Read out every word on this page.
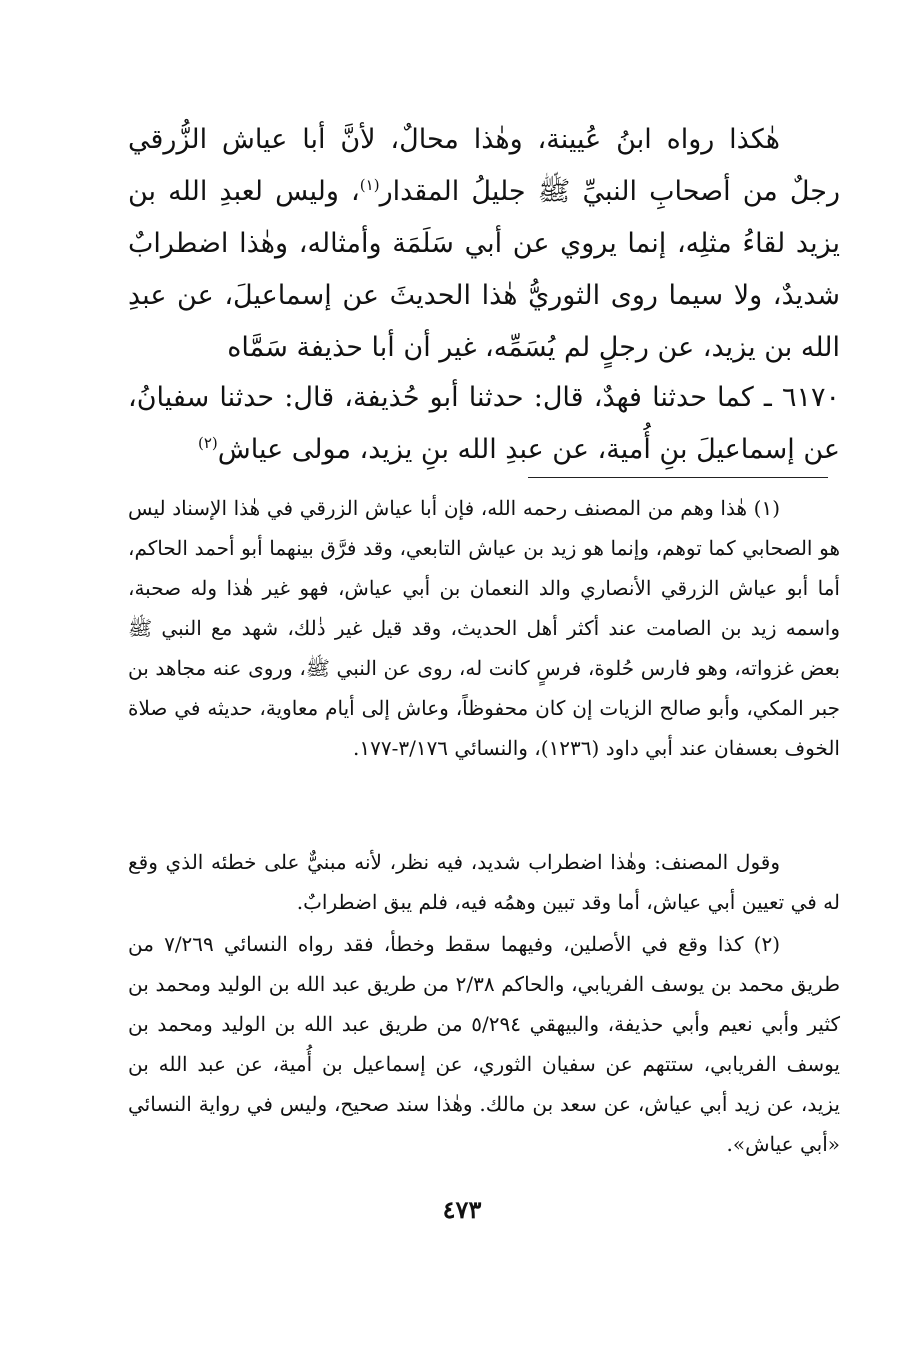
هٰكذا رواه ابنُ عُيينة، وهٰذا محالٌ، لأنَّ أبا عياش الزُّرقي رجلٌ من أصحابِ النبيِّ ﷺ جليلُ المقدار$^{(١)}$، وليس لعبدِ الله بن يزيد لقاءُ مثلِه، إنما يروي عن أبي سَلَمَة وأمثاله، وهٰذا اضطرابٌ شديدٌ، ولا سيما روى الثوريُّ هٰذا الحديثَ عن إسماعيلَ، عن عبدِ الله بن يزيد، عن رجلٍ لم يُسَمِّه، غير أن أبا حذيفة سَمَّاه

٦١٧٠ ـ كما حدثنا فهدٌ، قال: حدثنا أبو حُذيفة، قال: حدثنا سفيانُ، عن إسماعيلَ بنِ أُمية، عن عبدِ الله بنِ يزيد، مولى عياش$^{(٢)}$

(١) هٰذا وهم من المصنف رحمه الله، فإن أبا عياش الزرقي في هٰذا الإسناد ليس هو الصحابي كما توهم، وإنما هو زيد بن عياش التابعي، وقد فرَّق بينهما أبو أحمد الحاكم، أما أبو عياش الزرقي الأنصاري والد النعمان بن أبي عياش، فهو غير هٰذا وله صحبة، واسمه زيد بن الصامت عند أكثر أهل الحديث، وقد قيل غير ذٰلك، شهد مع النبي ﷺ بعض غزواته، وهو فارس حُلوة، فرسٍ كانت له، روى عن النبي ﷺ، وروى عنه مجاهد بن جبر المكي، وأبو صالح الزيات إن كان محفوظاً، وعاش إلى أيام معاوية، حديثه في صلاة الخوف بعسفان عند أبي داود (١٢٣٦)، والنسائي ٣/١٧٦-١٧٧.

وقول المصنف: وهٰذا اضطراب شديد، فيه نظر، لأنه مبنيٌّ على خطئه الذي وقع له في تعيين أبي عياش، أما وقد تبين وهمُه فيه، فلم يبق اضطرابٌ.

(٢) كذا وقع في الأصلين، وفيهما سقط وخطأ، فقد رواه النسائي ٧/٢٦٩ من طريق محمد بن يوسف الفريابي، والحاكم ٢/٣٨ من طريق عبد الله بن الوليد ومحمد بن كثير وأبي نعيم وأبي حذيفة، والبيهقي ٥/٢٩٤ من طريق عبد الله بن الوليد ومحمد بن يوسف الفريابي، ستتهم عن سفيان الثوري، عن إسماعيل بن أُمية، عن عبد الله بن يزيد، عن زيد أبي عياش، عن سعد بن مالك. وهٰذا سند صحيح، وليس في رواية النسائي «أبي عياش».

٤٧٣
